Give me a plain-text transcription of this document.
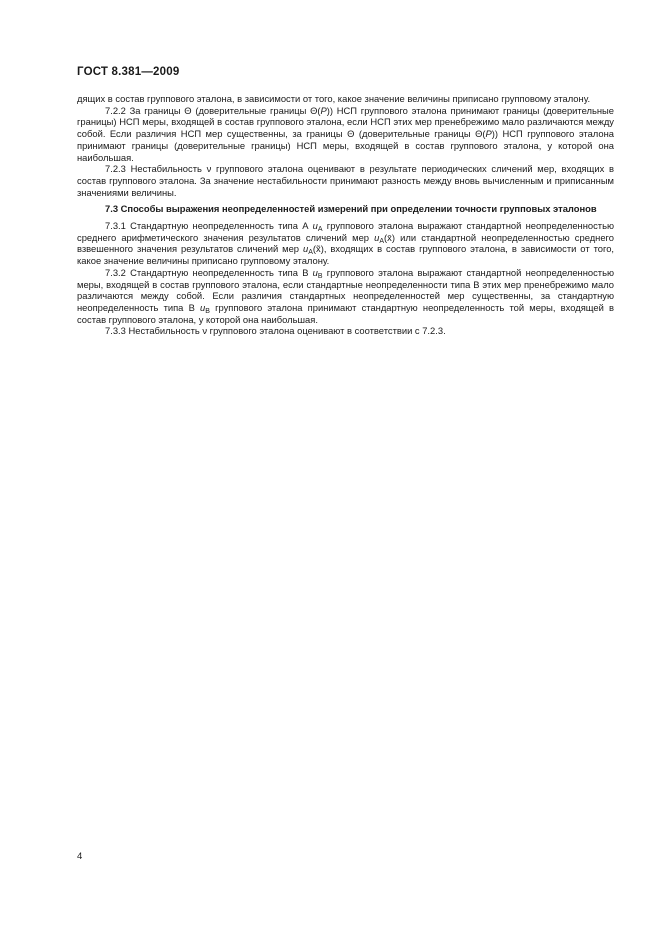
ГОСТ 8.381—2009

дящих в состав группового эталона, в зависимости от того, какое значение величины приписано групповому эталону.

7.2.2 За границы Θ (доверительные границы Θ(P)) НСП группового эталона принимают границы (доверительные границы) НСП меры, входящей в состав группового эталона, если НСП этих мер пренебрежимо мало различаются между собой. Если различия НСП мер существенны, за границы Θ (доверительные границы Θ(P)) НСП группового эталона принимают границы (доверительные границы) НСП меры, входящей в состав группового эталона, у которой она наибольшая.

7.2.3 Нестабильность ν группового эталона оценивают в результате периодических сличений мер, входящих в состав группового эталона. За значение нестабильности принимают разность между вновь вычисленным и приписанным значениями величины.

7.3 Способы выражения неопределенностей измерений при определении точности групповых эталонов

7.3.1 Стандартную неопределенность типа А $u_A$ группового эталона выражают стандартной неопределенностью среднего арифметического значения результатов сличений мер $u_A(x̄)$ или стандартной неопределенностью среднего взвешенного значения результатов сличений мер $u_A(x̃)$, входящих в состав группового эталона, в зависимости от того, какое значение величины приписано групповому эталону.

7.3.2 Стандартную неопределенность типа В $u_B$ группового эталона выражают стандартной неопределенностью меры, входящей в состав группового эталона, если стандартные неопределенности типа В этих мер пренебрежимо мало различаются между собой. Если различия стандартных неопределенностей мер существенны, за стандартную неопределенность типа В $u_B$ группового эталона принимают стандартную неопределенность той меры, входящей в состав группового эталона, у которой она наибольшая.

7.3.3 Нестабильность ν группового эталона оценивают в соответствии с 7.2.3.

4
